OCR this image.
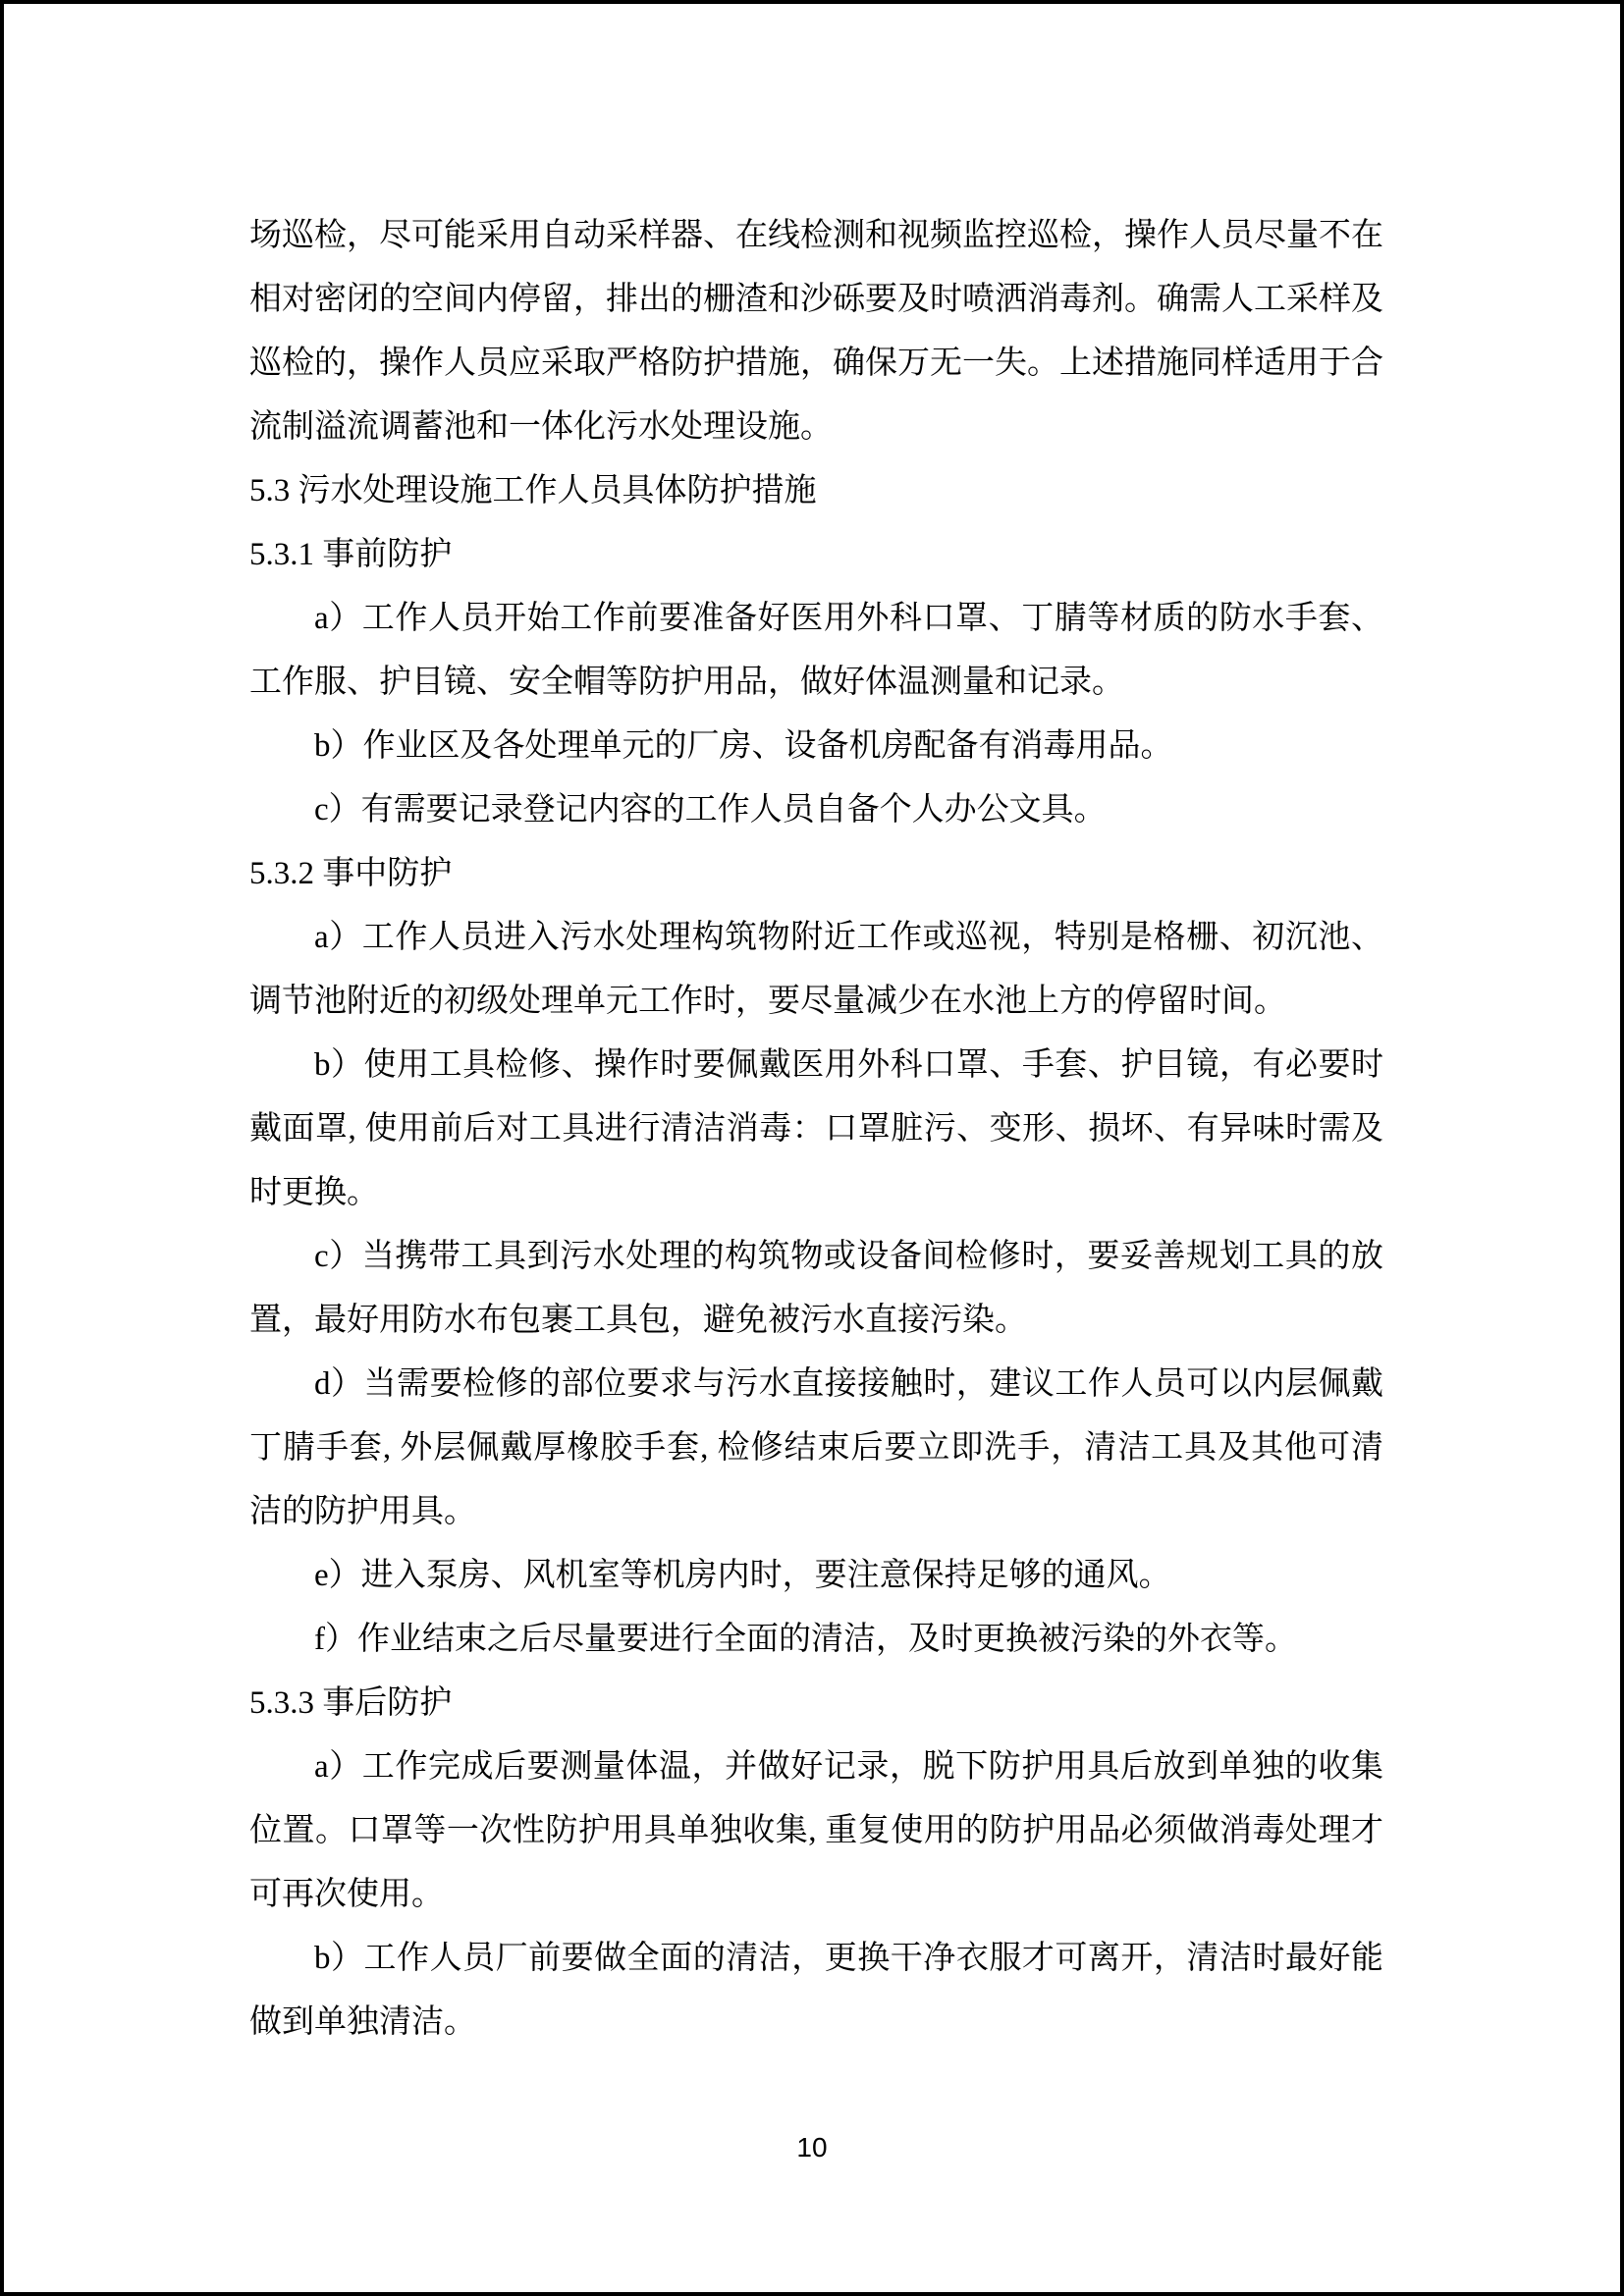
场巡检，尽可能采用自动采样器、在线检测和视频监控巡检，操作人员尽量不在
相对密闭的空间内停留，排出的栅渣和沙砾要及时喷洒消毒剂。确需人工采样及
巡检的，操作人员应采取严格防护措施，确保万无一失。上述措施同样适用于合
流制溢流调蓄池和一体化污水处理设施。
5.3 污水处理设施工作人员具体防护措施
5.3.1 事前防护
a）工作人员开始工作前要准备好医用外科口罩、丁腈等材质的防水手套、
工作服、护目镜、安全帽等防护用品，做好体温测量和记录。
b）作业区及各处理单元的厂房、设备机房配备有消毒用品。
c）有需要记录登记内容的工作人员自备个人办公文具。
5.3.2 事中防护
a）工作人员进入污水处理构筑物附近工作或巡视，特别是格栅、初沉池、
调节池附近的初级处理单元工作时，要尽量减少在水池上方的停留时间。
b）使用工具检修、操作时要佩戴医用外科口罩、手套、护目镜，有必要时
戴面罩, 使用前后对工具进行清洁消毒：口罩脏污、变形、损坏、有异味时需及
时更换。
c）当携带工具到污水处理的构筑物或设备间检修时，要妥善规划工具的放
置，最好用防水布包裹工具包，避免被污水直接污染。
d）当需要检修的部位要求与污水直接接触时，建议工作人员可以内层佩戴
丁腈手套, 外层佩戴厚橡胶手套, 检修结束后要立即洗手，清洁工具及其他可清
洁的防护用具。
e）进入泵房、风机室等机房内时，要注意保持足够的通风。
f）作业结束之后尽量要进行全面的清洁，及时更换被污染的外衣等。
5.3.3 事后防护
a）工作完成后要测量体温，并做好记录，脱下防护用具后放到单独的收集
位置。口罩等一次性防护用具单独收集, 重复使用的防护用品必须做消毒处理才
可再次使用。
b）工作人员厂前要做全面的清洁，更换干净衣服才可离开，清洁时最好能
做到单独清洁。
10
